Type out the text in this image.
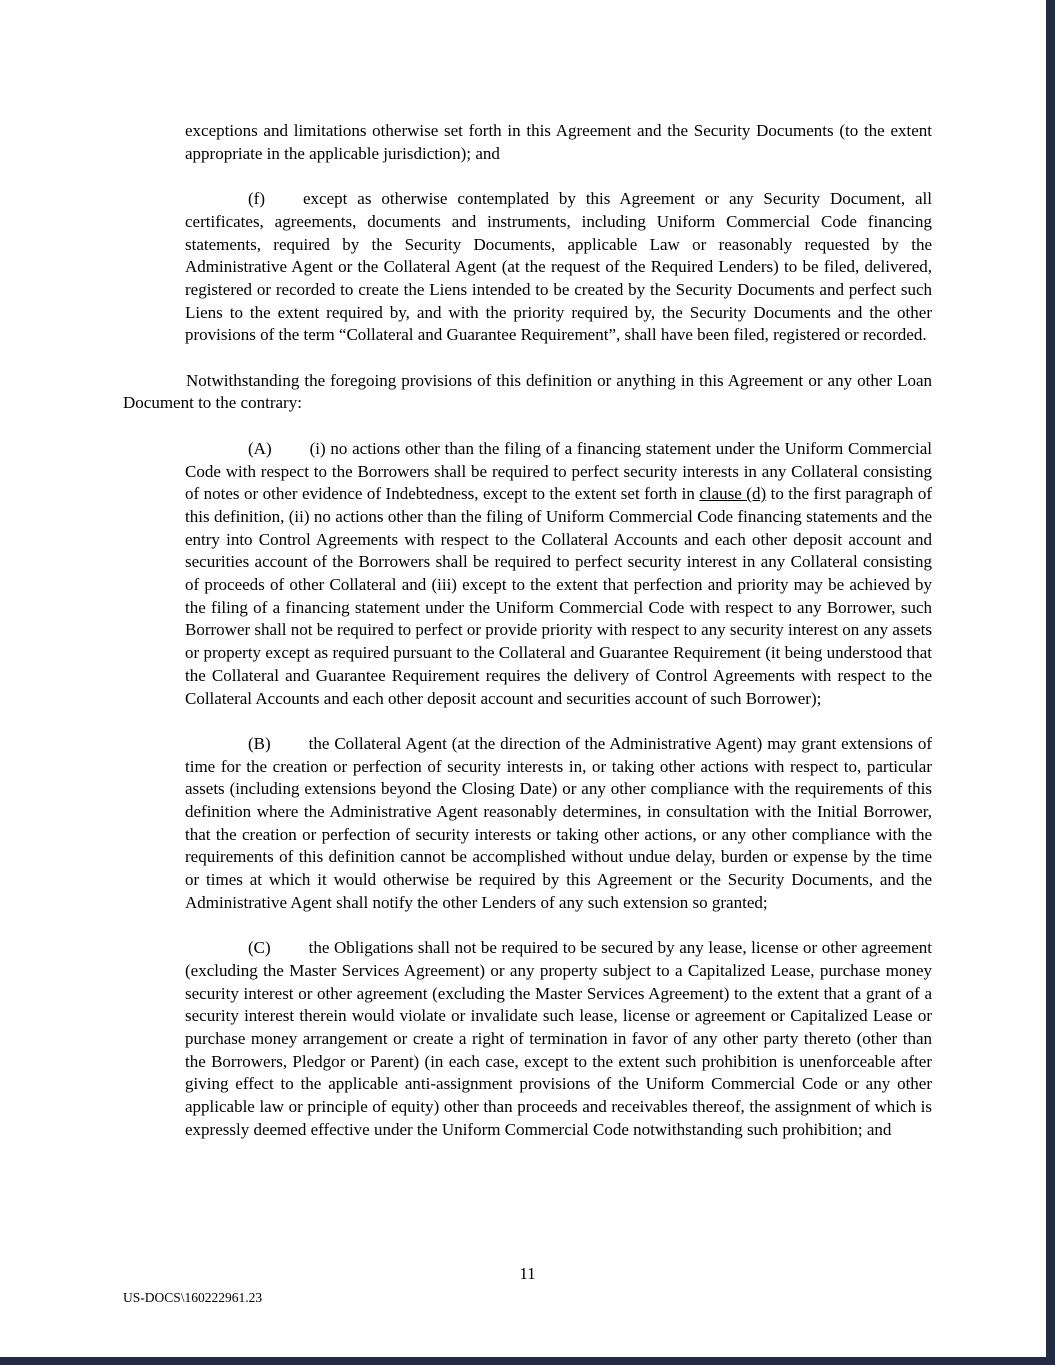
exceptions and limitations otherwise set forth in this Agreement and the Security Documents (to the extent appropriate in the applicable jurisdiction); and

(f) except as otherwise contemplated by this Agreement or any Security Document, all certificates, agreements, documents and instruments, including Uniform Commercial Code financing statements, required by the Security Documents, applicable Law or reasonably requested by the Administrative Agent or the Collateral Agent (at the request of the Required Lenders) to be filed, delivered, registered or recorded to create the Liens intended to be created by the Security Documents and perfect such Liens to the extent required by, and with the priority required by, the Security Documents and the other provisions of the term “Collateral and Guarantee Requirement”, shall have been filed, registered or recorded.

Notwithstanding the foregoing provisions of this definition or anything in this Agreement or any other Loan Document to the contrary:

(A) (i) no actions other than the filing of a financing statement under the Uniform Commercial Code with respect to the Borrowers shall be required to perfect security interests in any Collateral consisting of notes or other evidence of Indebtedness, except to the extent set forth in clause (d) to the first paragraph of this definition, (ii) no actions other than the filing of Uniform Commercial Code financing statements and the entry into Control Agreements with respect to the Collateral Accounts and each other deposit account and securities account of the Borrowers shall be required to perfect security interest in any Collateral consisting of proceeds of other Collateral and (iii) except to the extent that perfection and priority may be achieved by the filing of a financing statement under the Uniform Commercial Code with respect to any Borrower, such Borrower shall not be required to perfect or provide priority with respect to any security interest on any assets or property except as required pursuant to the Collateral and Guarantee Requirement (it being understood that the Collateral and Guarantee Requirement requires the delivery of Control Agreements with respect to the Collateral Accounts and each other deposit account and securities account of such Borrower);

(B) the Collateral Agent (at the direction of the Administrative Agent) may grant extensions of time for the creation or perfection of security interests in, or taking other actions with respect to, particular assets (including extensions beyond the Closing Date) or any other compliance with the requirements of this definition where the Administrative Agent reasonably determines, in consultation with the Initial Borrower, that the creation or perfection of security interests or taking other actions, or any other compliance with the requirements of this definition cannot be accomplished without undue delay, burden or expense by the time or times at which it would otherwise be required by this Agreement or the Security Documents, and the Administrative Agent shall notify the other Lenders of any such extension so granted;

(C) the Obligations shall not be required to be secured by any lease, license or other agreement (excluding the Master Services Agreement) or any property subject to a Capitalized Lease, purchase money security interest or other agreement (excluding the Master Services Agreement) to the extent that a grant of a security interest therein would violate or invalidate such lease, license or agreement or Capitalized Lease or purchase money arrangement or create a right of termination in favor of any other party thereto (other than the Borrowers, Pledgor or Parent) (in each case, except to the extent such prohibition is unenforceable after giving effect to the applicable anti-assignment provisions of the Uniform Commercial Code or any other applicable law or principle of equity) other than proceeds and receivables thereof, the assignment of which is expressly deemed effective under the Uniform Commercial Code notwithstanding such prohibition; and

11
US-DOCS\160222961.23
